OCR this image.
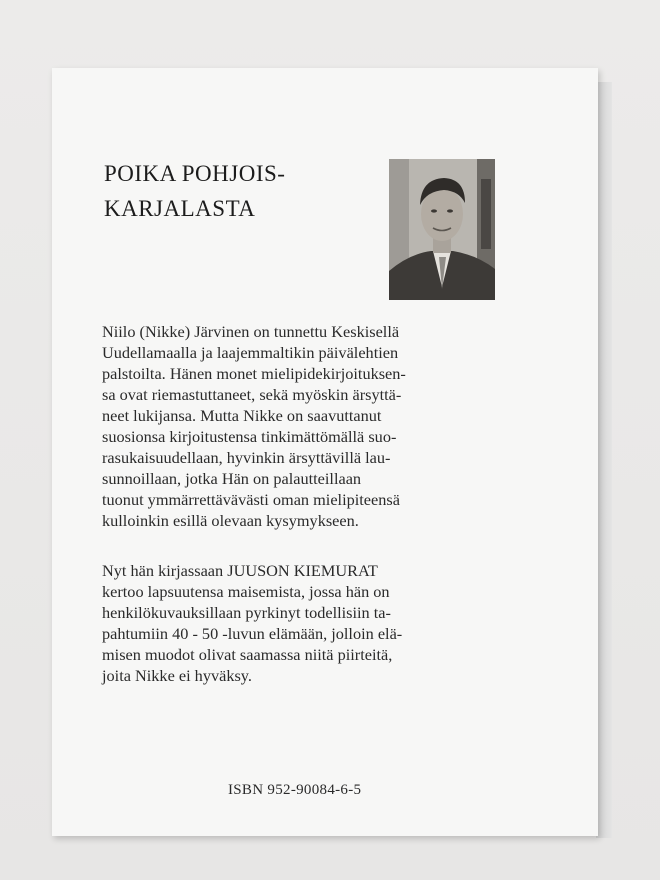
POIKA POHJOIS-
KARJALASTA

Niilo (Nikke) Järvinen on tunnettu Keskisellä
Uudellamaalla ja laajemmaltikin päivälehtien
palstoilta. Hänen monet mielipidekirjoituksen-
sa ovat riemastuttaneet, sekä myöskin ärsyttä-
neet lukijansa. Mutta Nikke on saavuttanut
suosionsa kirjoitustensa tinkimättömällä suo-
rasukaisuudellaan, hyvinkin ärsyttävillä lau-
sunnoillaan, jotka Hän on palautteillaan
tuonut ymmärrettävävästi oman mielipiteensä
kulloinkin esillä olevaan kysymykseen.

Nyt hän kirjassaan JUUSON KIEMURAT
kertoo lapsuutensa maisemista, jossa hän on
henkilökuvauksillaan pyrkinyt todellisiin ta-
pahtumiin 40 - 50 -luvun elämään, jolloin elä-
misen muodot olivat saamassa niitä piirteitä,
joita Nikke ei hyväksy.

ISBN 952-90084-6-5
